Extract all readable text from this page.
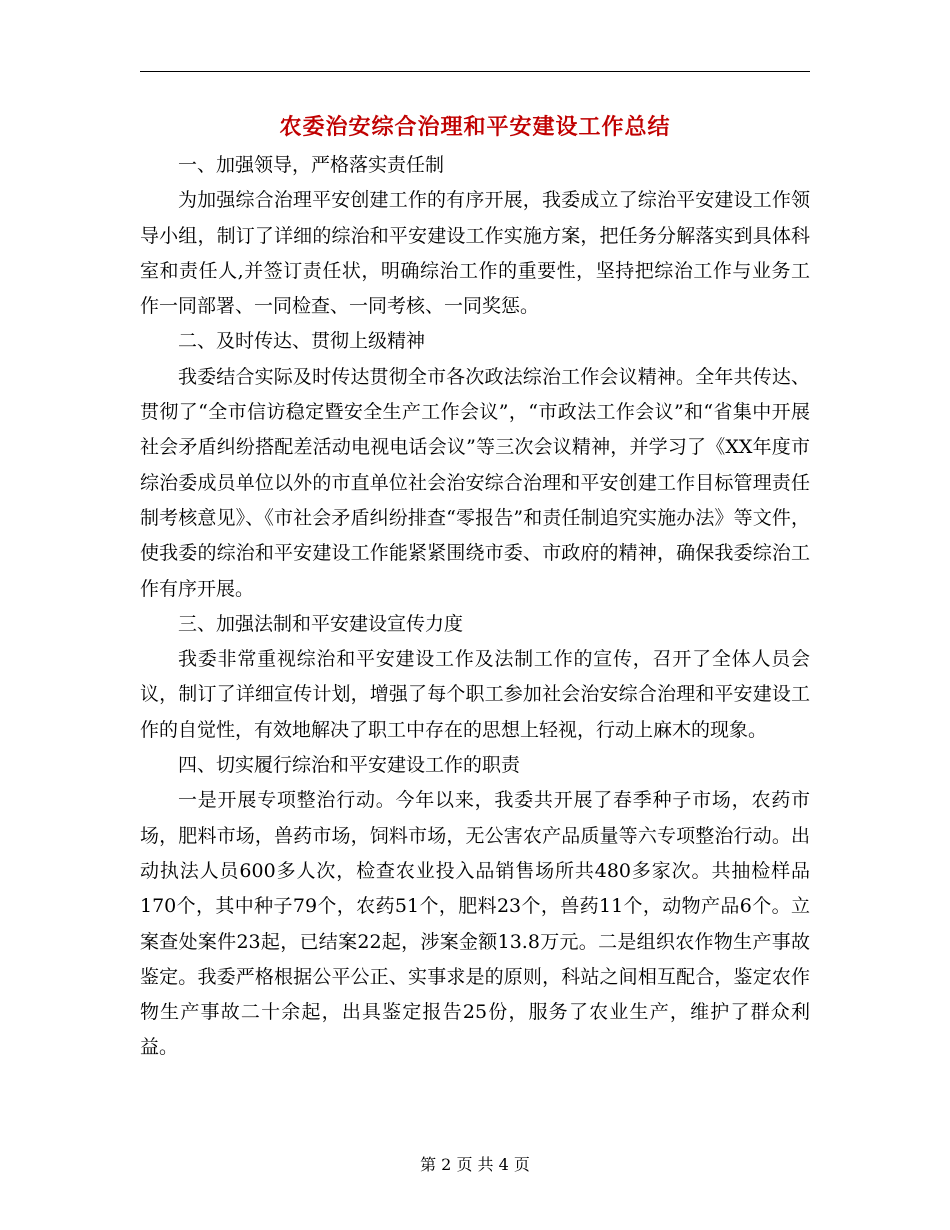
农委治安综合治理和平安建设工作总结

一、加强领导，严格落实责任制

为加强综合治理平安创建工作的有序开展，我委成立了综治平安建设工作领导小组，制订了详细的综治和平安建设工作实施方案，把任务分解落实到具体科室和责任人,并签订责任状，明确综治工作的重要性，坚持把综治工作与业务工作一同部署、一同检查、一同考核、一同奖惩。

二、及时传达、贯彻上级精神

我委结合实际及时传达贯彻全市各次政法综治工作会议精神。全年共传达、贯彻了“全市信访稳定暨安全生产工作会议”，“市政法工作会议”和“省集中开展社会矛盾纠纷搭配差活动电视电话会议”等三次会议精神，并学习了《XX年度市综治委成员单位以外的市直单位社会治安综合治理和平安创建工作目标管理责任制考核意见》、《市社会矛盾纠纷排查“零报告”和责任制追究实施办法》等文件，使我委的综治和平安建设工作能紧紧围绕市委、市政府的精神，确保我委综治工作有序开展。

三、加强法制和平安建设宣传力度

我委非常重视综治和平安建设工作及法制工作的宣传，召开了全体人员会议，制订了详细宣传计划，增强了每个职工参加社会治安综合治理和平安建设工作的自觉性，有效地解决了职工中存在的思想上轻视，行动上麻木的现象。

四、切实履行综治和平安建设工作的职责

一是开展专项整治行动。今年以来，我委共开展了春季种子市场，农药市场，肥料市场，兽药市场，饲料市场，无公害农产品质量等六专项整治行动。出动执法人员600多人次，检查农业投入品销售场所共480多家次。共抽检样品170个，其中种子79个，农药51个，肥料23个，兽药11个，动物产品6个。立案查处案件23起，已结案22起，涉案金额13.8万元。二是组织农作物生产事故鉴定。我委严格根据公平公正、实事求是的原则，科站之间相互配合，鉴定农作物生产事故二十余起，出具鉴定报告25份，服务了农业生产，维护了群众利益。

第 2 页 共 4 页
